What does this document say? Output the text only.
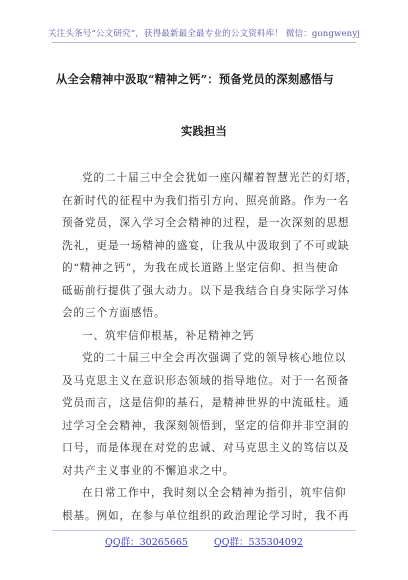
关注头条号“公文研究”，获得最新最全最专业的公文资料库！ 微信：gongwenyj
从全会精神中汲取“精神之钙”：预备党员的深刻感悟与
实践担当
党的二十届三中全会犹如一座闪耀着智慧光芒的灯塔，
在新时代的征程中为我们指引方向、照亮前路。作为一名
预备党员，深入学习全会精神的过程，是一次深刻的思想
洗礼，更是一场精神的盛宴，让我从中汲取到了不可或缺
的“精神之钙”，为我在成长道路上坚定信仰、担当使命
砥砺前行提供了强大动力。以下是我结合自身实际学习体
会的三个方面感悟。
一、筑牢信仰根基，补足精神之钙
党的二十届三中全会再次强调了党的领导核心地位以
及马克思主义在意识形态领域的指导地位。对于一名预备
党员而言，这是信仰的基石，是精神世界的中流砥柱。通
过学习全会精神，我深刻领悟到，坚定的信仰并非空洞的
口号，而是体现在对党的忠诚、对马克思主义的笃信以及
对共产主义事业的不懈追求之中。
在日常工作中，我时刻以全会精神为指引，筑牢信仰
根基。例如，在参与单位组织的政治理论学习时，我不再
QQ群：30265665	QQ群：535304092
